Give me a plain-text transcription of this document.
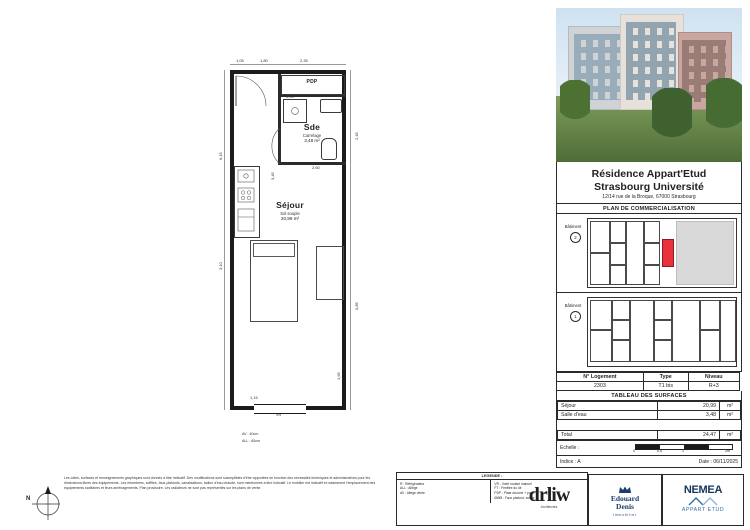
PDP
Sde
Carrelage
3,48 m²
Séjour
Sol souple
20,99 m²
VR
AV : 40cm
ALL : 60cm
1,05	1,80	2,35
0,90
2,60
1,15
3,10
6,15
2,45
0,85
3,45
1,95
Résidence Appart'Etud
Strasbourg Université
12/14 rue de la Broque, 67000 Strasbourg
PLAN DE COMMERCIALISATION
Bâtiment
2
Bâtiment
1
N° Logement	Type	Niveau
2303	T1 bis	R+3
TABLEAU DES SURFACES
Séjour	20,99	m²
Salle d'eau	3,48	m²

Total	24,47	m²
Echelle :	0	0,5	1	2m
Indice : A	Date : 06/11/2025
Les côtes, surfaces et renseignements graphiques sont donnés à titre indicatif. Des modifications sont susceptibles d'être apportées en fonction des nécessités techniques et administratives pour les dimensions libres des équipements. Les retombées, soffites, faux-plafonds, canalisations, ballon d'eau chaude, sont mentionnés à titre indicatif. Le mobilier est indicatif et notamment l'emplacement des équipements sanitaires et leurs aménagements. Plan provisoire. Les radiateurs ne sont pas représentés sur les plans de vente.
LEGENDE :
R : Réfrigérateur
ALL : Allège
AV : Allège vitrée
VR : Volet roulant manuel
FT : Fenêtre du lot
PDP : Plate-douche + porte
ØØØ : Faux plafond, soffite
drliw
Architectes
Edouard
Denis
Immobilier
NEMEA
APPART ETUD
N
